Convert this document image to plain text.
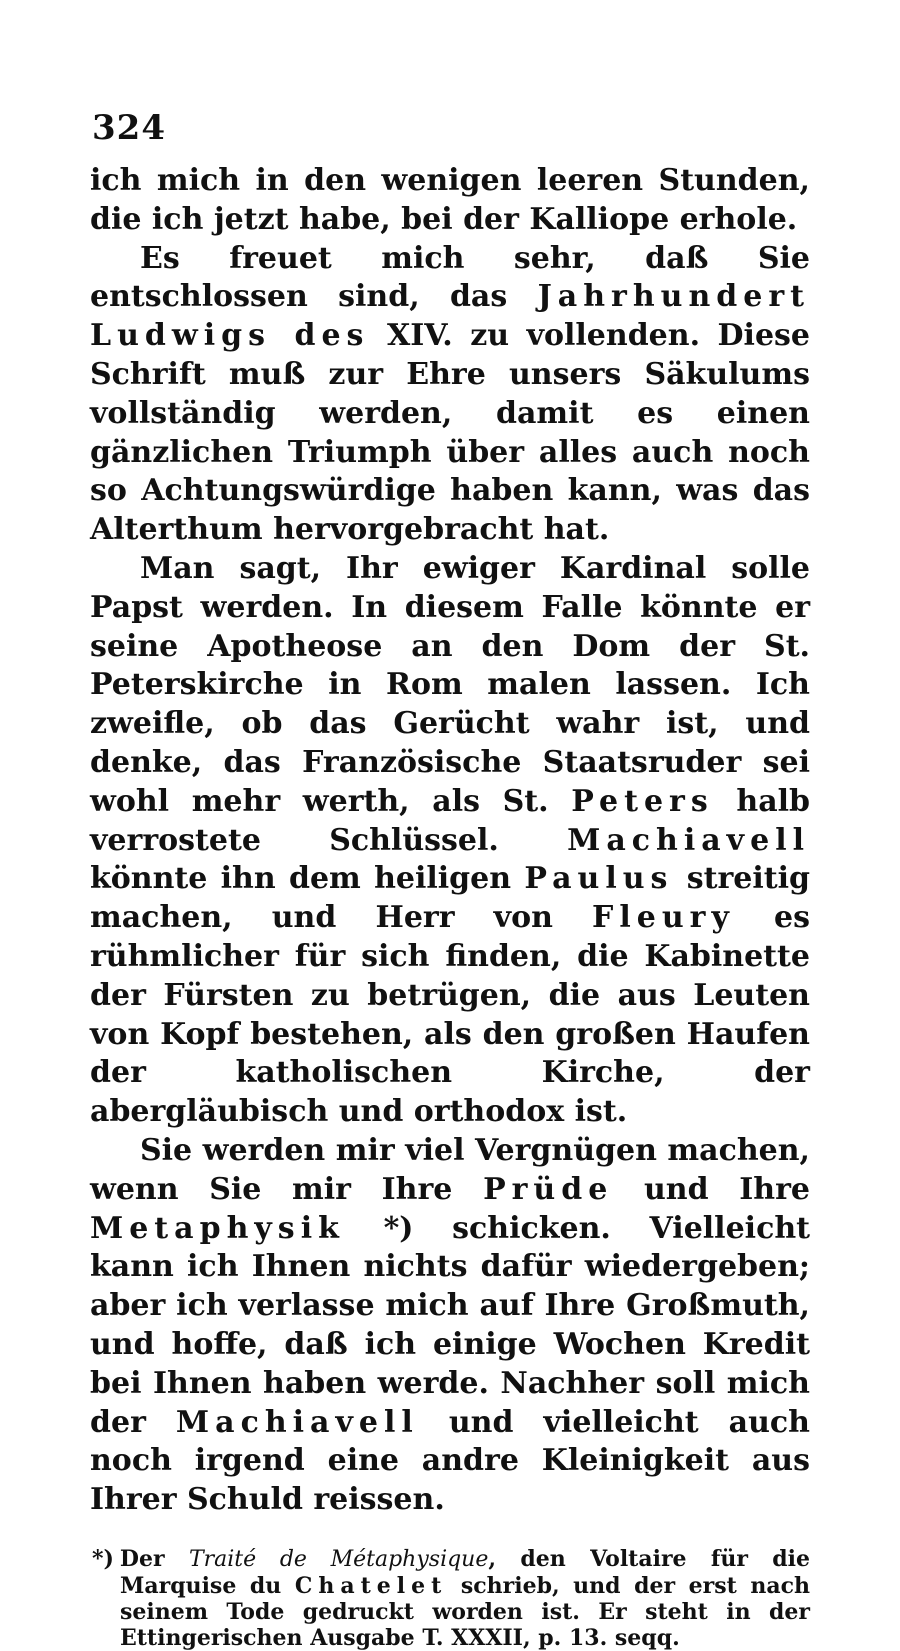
324

ich mich in den wenigen leeren Stunden, die ich jetzt habe, bei der Kalliope erhole.

Es freuet mich sehr, daß Sie entschlossen sind, das Jahrhundert Ludwigs des XIV. zu vollenden. Diese Schrift muß zur Ehre unsers Säkulums vollständig werden, damit es einen gänzlichen Triumph über alles auch noch so Achtungswürdige haben kann, was das Alterthum hervorgebracht hat.

Man sagt, Ihr ewiger Kardinal solle Papst werden. In diesem Falle könnte er seine Apotheose an den Dom der St. Peterskirche in Rom malen lassen. Ich zweifle, ob das Gerücht wahr ist, und denke, das Französische Staatsruder sei wohl mehr werth, als St. Peters halb verrostete Schlüssel. Machiavell könnte ihn dem heiligen Paulus streitig machen, und Herr von Fleury es rühmlicher für sich finden, die Kabinette der Fürsten zu betrügen, die aus Leuten von Kopf bestehen, als den großen Haufen der katholischen Kirche, der abergläubisch und orthodox ist.

Sie werden mir viel Vergnügen machen, wenn Sie mir Ihre Prüde und Ihre Metaphysik *) schicken. Vielleicht kann ich Ihnen nichts dafür wiedergeben; aber ich verlasse mich auf Ihre Großmuth, und hoffe, daß ich einige Wochen Kredit bei Ihnen haben werde. Nachher soll mich der Machiavell und vielleicht auch noch irgend eine andre Kleinigkeit aus Ihrer Schuld reissen.

*) Der Traité de Métaphysique, den Voltaire für die Marquise du Chatelet schrieb, und der erst nach seinem Tode gedruckt worden ist. Er steht in der Ettingerischen Ausgabe T. XXXII, p. 13. seqq.
